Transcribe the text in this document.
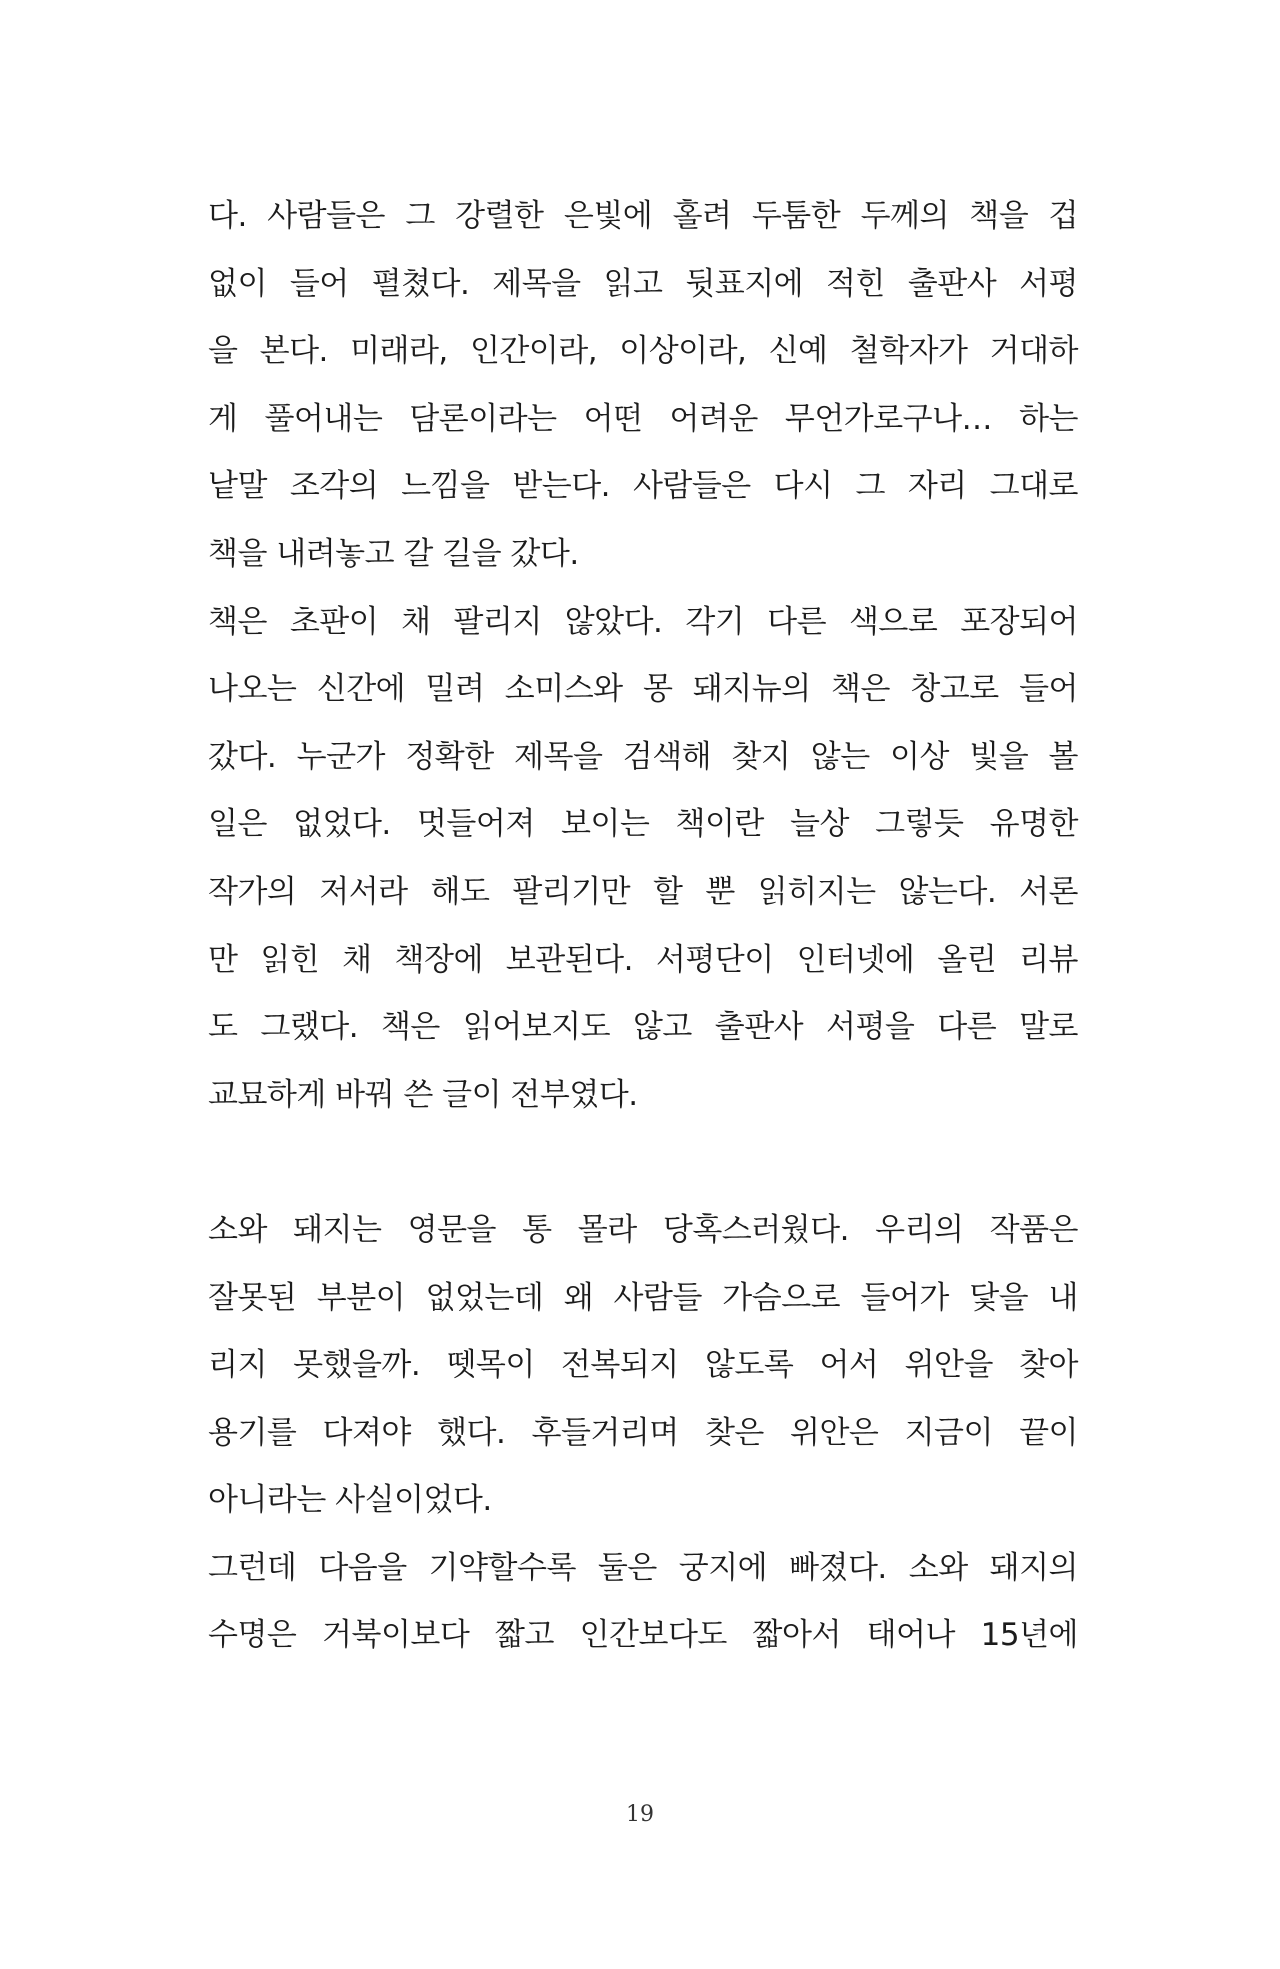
다. 사람들은 그 강렬한 은빛에 홀려 두툼한 두께의 책을 겁
없이 들어 펼쳤다. 제목을 읽고 뒷표지에 적힌 출판사 서평
을 본다. 미래라, 인간이라, 이상이라, 신예 철학자가 거대하
게 풀어내는 담론이라는 어떤 어려운 무언가로구나… 하는
낱말 조각의 느낌을 받는다. 사람들은 다시 그 자리 그대로
책을 내려놓고 갈 길을 갔다.
책은 초판이 채 팔리지 않았다. 각기 다른 색으로 포장되어
나오는 신간에 밀려 소미스와 몽 돼지뉴의 책은 창고로 들어
갔다. 누군가 정확한 제목을 검색해 찾지 않는 이상 빛을 볼
일은 없었다. 멋들어져 보이는 책이란 늘상 그렇듯 유명한
작가의 저서라 해도 팔리기만 할 뿐 읽히지는 않는다. 서론
만 읽힌 채 책장에 보관된다. 서평단이 인터넷에 올린 리뷰
도 그랬다. 책은 읽어보지도 않고 출판사 서평을 다른 말로
교묘하게 바꿔 쓴 글이 전부였다.
소와 돼지는 영문을 통 몰라 당혹스러웠다. 우리의 작품은
잘못된 부분이 없었는데 왜 사람들 가슴으로 들어가 닻을 내
리지 못했을까. 뗏목이 전복되지 않도록 어서 위안을 찾아
용기를 다져야 했다. 후들거리며 찾은 위안은 지금이 끝이
아니라는 사실이었다.
그런데 다음을 기약할수록 둘은 궁지에 빠졌다. 소와 돼지의
수명은 거북이보다 짧고 인간보다도 짧아서 태어나 15년에
19
